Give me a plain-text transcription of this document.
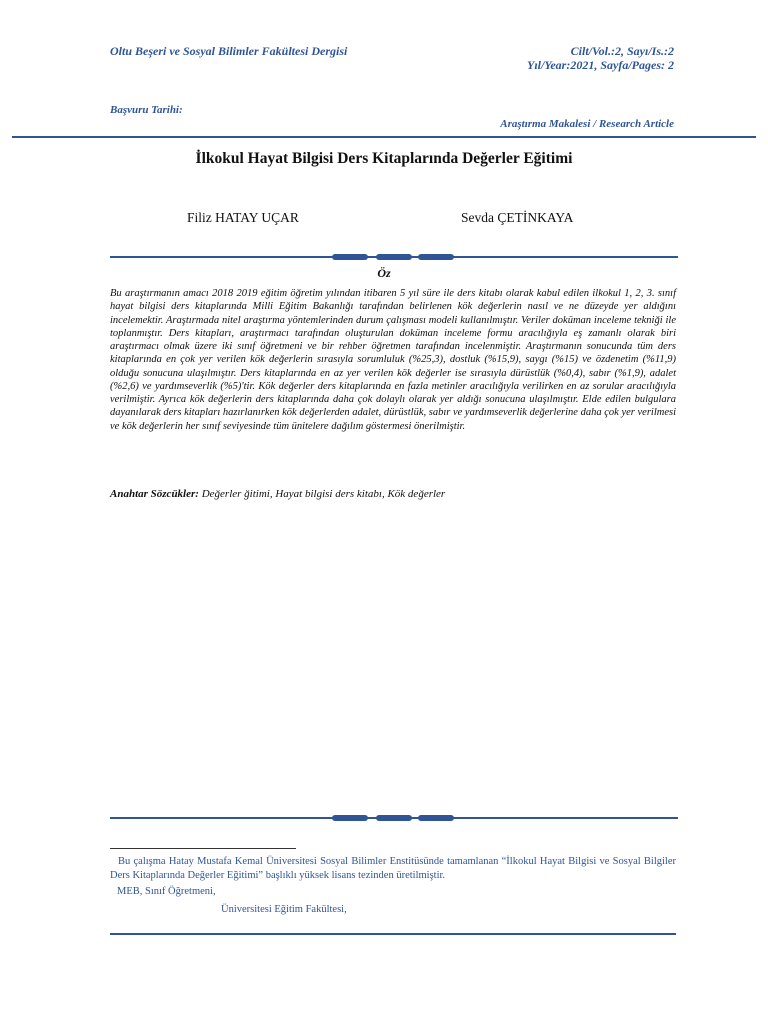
Oltu Beşeri ve Sosyal Bilimler Fakültesi Dergisi	Cilt/Vol.:2, Sayı/Is.:2
Yıl/Year:2021, Sayfa/Pages: 2
Başvuru Tarihi:
Araştırma Makalesi / Research Article
İlkokul Hayat Bilgisi Ders Kitaplarında Değerler Eğitimi
Filiz HATAY UÇAR	Sevda ÇETİNKAYA
Öz
Bu araştırmanın amacı 2018 2019 eğitim öğretim yılından itibaren 5 yıl süre ile ders kitabı olarak kabul edilen ilkokul 1, 2, 3. sınıf hayat bilgisi ders kitaplarında Milli Eğitim Bakanlığı tarafından belirlenen kök değerlerin nasıl ve ne düzeyde yer aldığını incelemektir. Araştırmada nitel araştırma yöntemlerinden durum çalışması modeli kullanılmıştır. Veriler doküman inceleme tekniği ile toplanmıştır. Ders kitapları, araştırmacı tarafından oluşturulan doküman inceleme formu aracılığıyla eş zamanlı olarak biri araştırmacı olmak üzere iki sınıf öğretmeni ve bir rehber öğretmen tarafından incelenmiştir. Araştırmanın sonucunda tüm ders kitaplarında en çok yer verilen kök değerlerin sırasıyla sorumluluk (%25,3), dostluk (%15,9), saygı (%15) ve özdenetim (%11,9) olduğu sonucuna ulaşılmıştır. Ders kitaplarında en az yer verilen kök değerler ise sırasıyla dürüstlük (%0,4), sabır (%1,9), adalet (%2,6) ve yardımseverlik (%5)'tir. Kök değerler ders kitaplarında en fazla metinler aracılığıyla verilirken en az sorular aracılığıyla verilmiştir. Ayrıca kök değerlerin ders kitaplarında daha çok dolaylı olarak yer aldığı sonucuna ulaşılmıştır. Elde edilen bulgulara dayanılarak ders kitapları hazırlanırken kök değerlerden adalet, dürüstlük, sabır ve yardımseverlik değerlerine daha çok yer verilmesi ve kök değerlerin her sınıf seviyesinde tüm ünitelere dağılım göstermesi önerilmiştir.
Anahtar Sözcükler: Değerler ğitimi, Hayat bilgisi ders kitabı, Kök değerler
Bu çalışma Hatay Mustafa Kemal Üniversitesi Sosyal Bilimler Enstitüsünde tamamlanan “İlkokul Hayat Bilgisi ve Sosyal Bilgiler Ders Kitaplarında Değerler Eğitimi” başlıklı yüksek lisans tezinden üretilmiştir.
MEB, Sınıf Öğretmeni,
Üniversitesi Eğitim Fakültesi,
